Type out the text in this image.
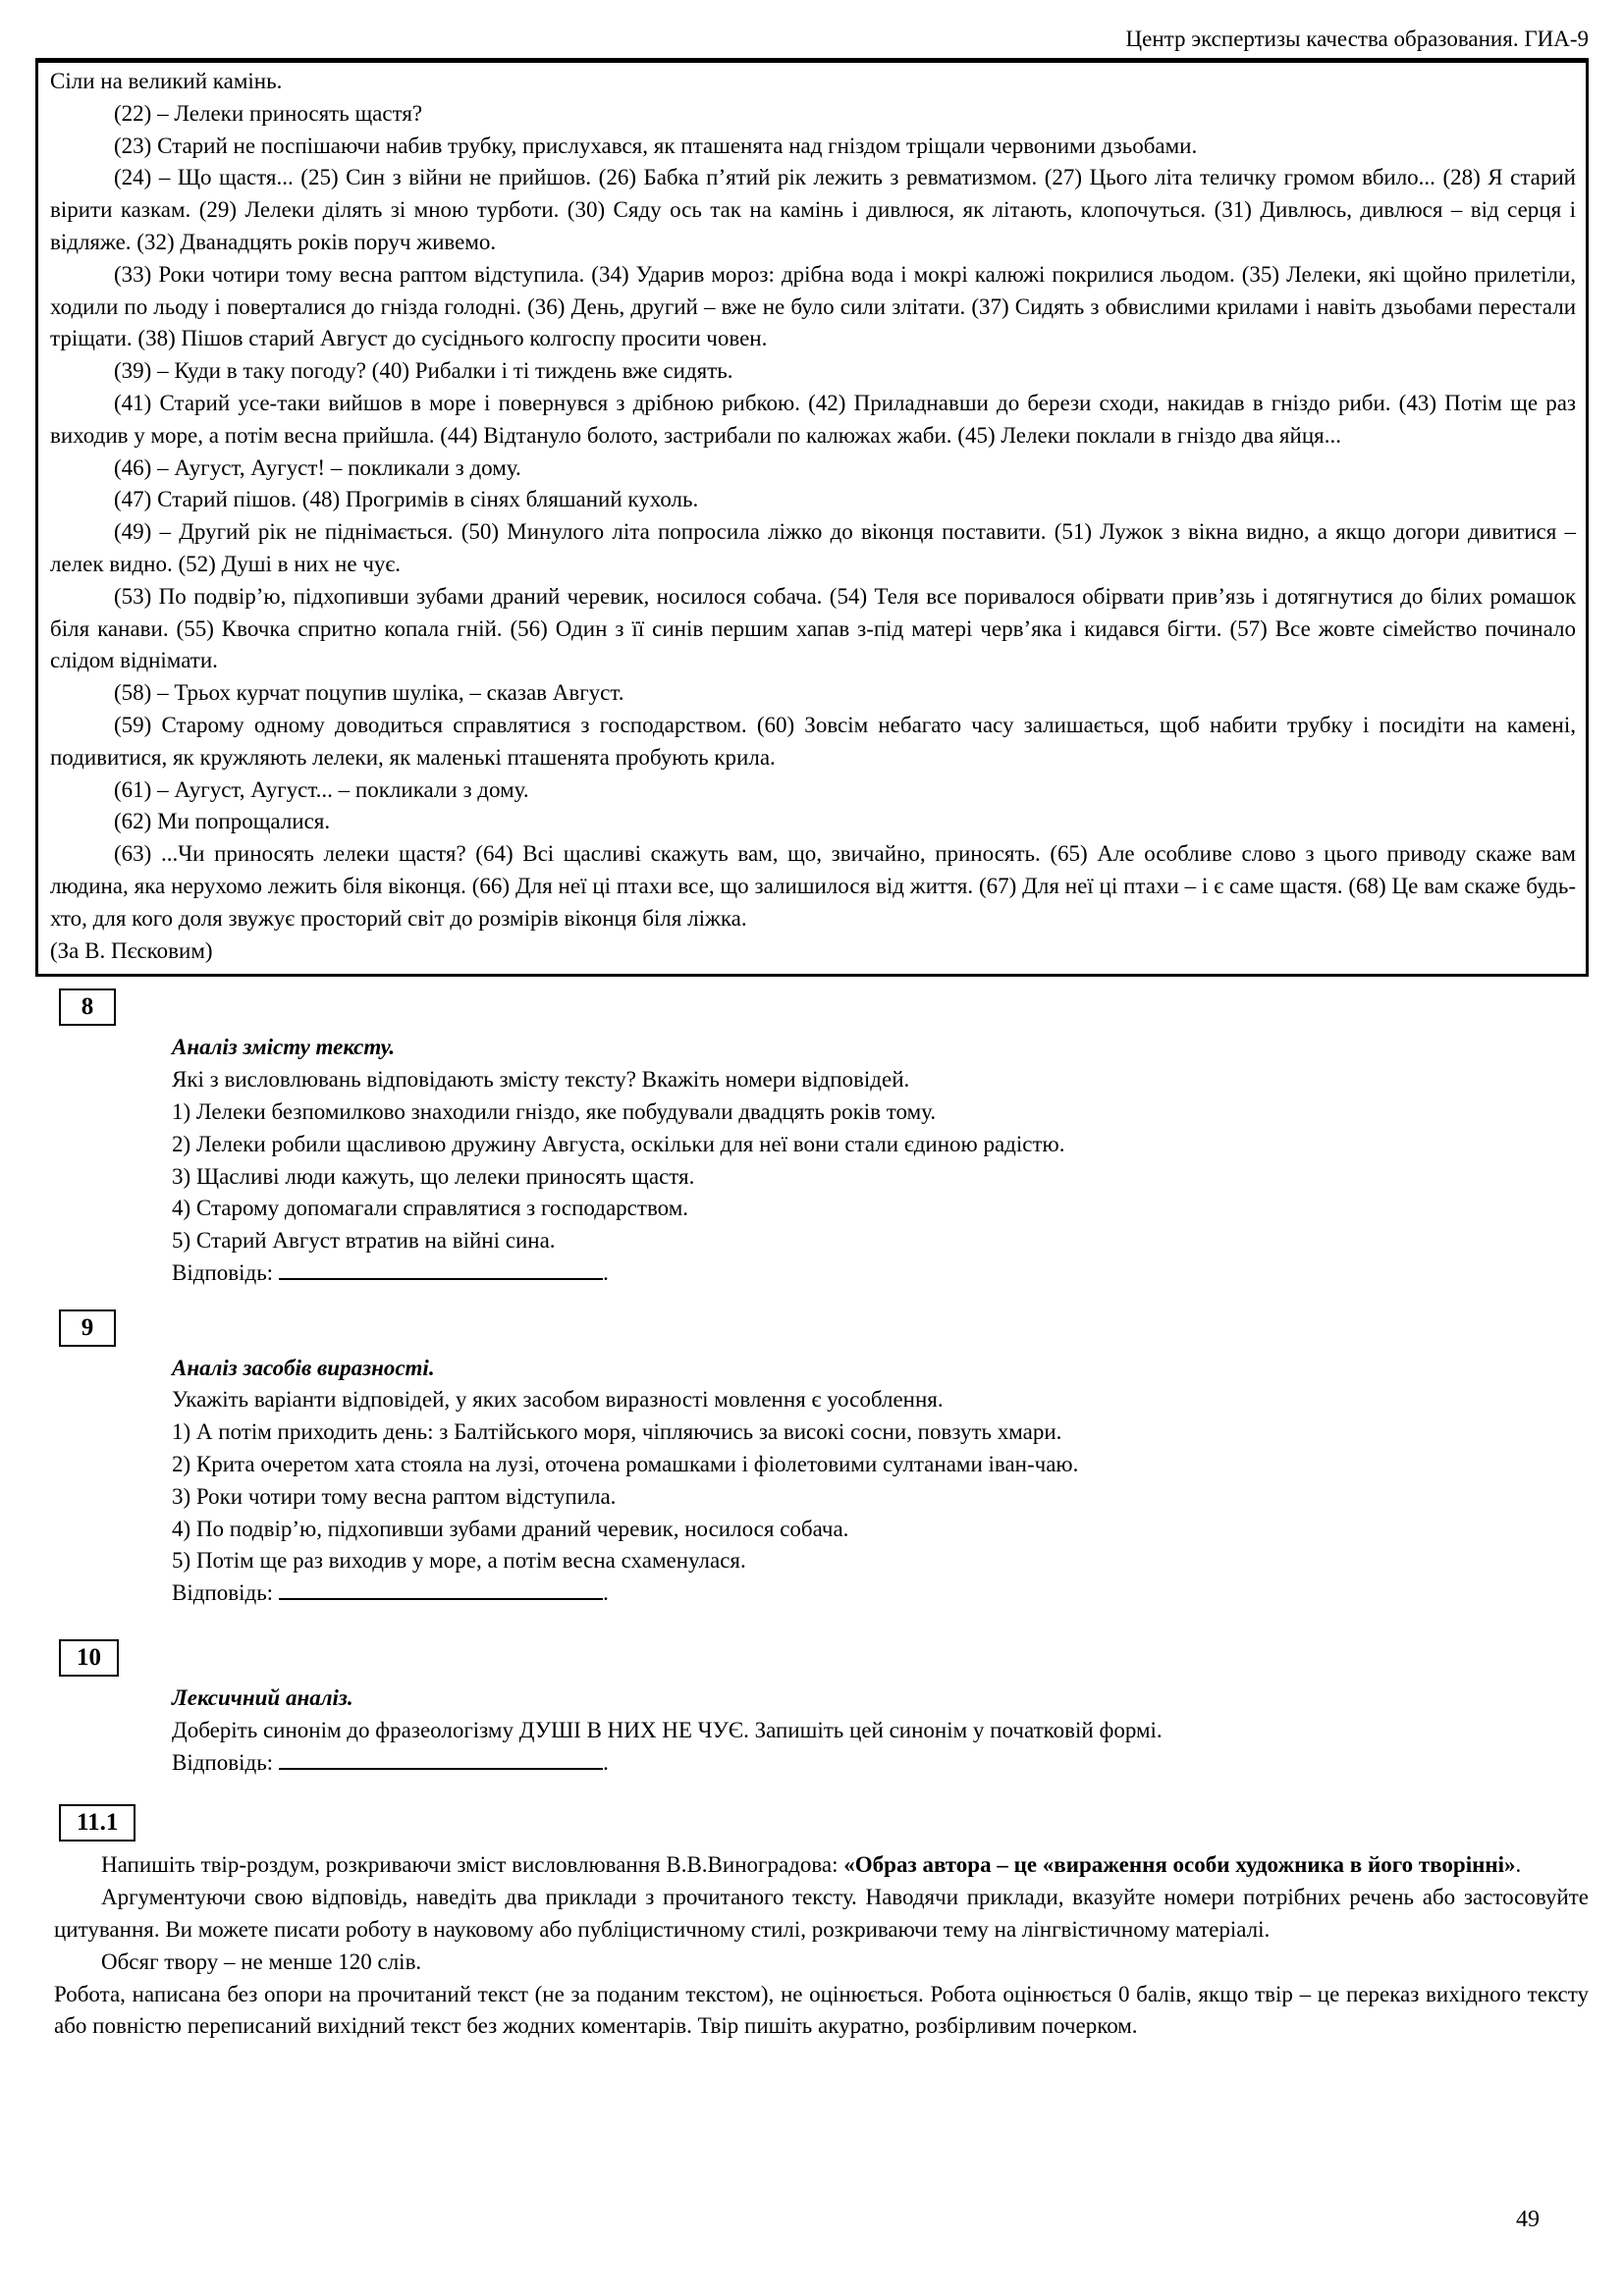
Центр экспертизы качества образования. ГИА-9

Сіли на великий камінь.

(22) – Лелеки приносять щастя?

(23) Старий не поспішаючи набив трубку, прислухався, як пташенята над гніздом тріщали червоними дзьобами.

(24) – Що щастя... (25) Син з війни не прийшов. (26) Бабка п’ятий рік лежить з ревматизмом. (27) Цього літа теличку громом вбило... (28) Я старий вірити казкам. (29) Лелеки ділять зі мною турботи. (30) Сяду ось так на камінь і дивлюся, як літають, клопочуться. (31) Дивлюсь, дивлюся – від серця і відляже. (32) Дванадцять років поруч живемо.

(33) Роки чотири тому весна раптом відступила. (34) Ударив мороз: дрібна вода і мокрі калюжі покрилися льодом. (35) Лелеки, які щойно прилетіли, ходили по льоду і поверталися до гнізда голодні. (36) День, другий – вже не було сили злітати. (37) Сидять з обвислими крилами і навіть дзьобами перестали тріщати. (38) Пішов старий Август до сусіднього колгоспу просити човен.

(39) – Куди в таку погоду? (40) Рибалки і ті тиждень вже сидять.

(41) Старий усе-таки вийшов в море і повернувся з дрібною рибкою. (42) Приладнавши до берези сходи, накидав в гніздо риби. (43) Потім ще раз виходив у море, а потім весна прийшла. (44) Відтануло болото, застрибали по калюжах жаби. (45) Лелеки поклали в гніздо два яйця...

(46) – Аугуст, Аугуст! – покликали з дому.

(47) Старий пішов. (48) Прогримів в сінях бляшаний кухоль.

(49) – Другий рік не піднімається. (50) Минулого літа попросила ліжко до віконця поставити. (51) Лужок з вікна видно, а якщо догори дивитися – лелек видно. (52) Душі в них не чує.

(53) По подвір’ю, підхопивши зубами драний черевик, носилося собача. (54) Теля все поривалося обірвати прив’язь і дотягнутися до білих ромашок біля канави. (55) Квочка спритно копала гній. (56) Один з її синів першим хапав з-під матері черв’яка і кидався бігти. (57) Все жовте сімейство починало слідом віднімати.

(58) – Трьох курчат поцупив шуліка, – сказав Август.

(59) Старому одному доводиться справлятися з господарством. (60) Зовсім небагато часу залишається, щоб набити трубку і посидіти на камені, подивитися, як кружляють лелеки, як маленькі пташенята пробують крила.

(61) – Аугуст, Аугуст... – покликали з дому.

(62) Ми попрощалися.

(63) ...Чи приносять лелеки щастя? (64) Всі щасливі скажуть вам, що, звичайно, приносять. (65) Але особливе слово з цього приводу скаже вам людина, яка нерухомо лежить біля віконця. (66) Для неї ці птахи все, що залишилося від життя. (67) Для неї ці птахи – і є саме щастя. (68) Це вам скаже будь-хто, для кого доля звужує просторий світ до розмірів віконця біля ліжка.

(За В. Пєсковим)

8

Аналіз змісту тексту.

Які з висловлювань відповідають змісту тексту? Вкажіть номери відповідей.

1) Лелеки безпомилково знаходили гніздо, яке побудували двадцять років тому.

2) Лелеки робили щасливою дружину Августа, оскільки для неї вони стали єдиною радістю.

3) Щасливі люди кажуть, що лелеки приносять щастя.

4) Старому допомагали справлятися з господарством.

5) Старий Август втратив на війні сина.

Відповідь:	.

9

Аналіз засобів виразності.

Укажіть варіанти відповідей, у яких засобом виразності мовлення є уособлення.

1) А потім приходить день: з Балтійського моря, чіпляючись за високі сосни, повзуть хмари.

2) Крита очеретом хата стояла на лузі, оточена ромашками і фіолетовими султанами іван-чаю.

3) Роки чотири тому весна раптом відступила.

4) По подвір’ю, підхопивши зубами драний черевик, носилося собача.

5) Потім ще раз виходив у море, а потім весна схаменулася.

Відповідь:	.

10

Лексичний аналіз.

Доберіть синонім до фразеологізму ДУШІ В НИХ НЕ ЧУЄ. Запишіть цей синонім у початковій формі.

Відповідь:	.

11.1

Напишіть твір-роздум, розкриваючи зміст висловлювання В.В.Виноградова: «Образ автора – це «вираження особи художника в його творінні».

Аргументуючи свою відповідь, наведіть два приклади з прочитаного тексту. Наводячи приклади, вказуйте номери потрібних речень або застосовуйте цитування. Ви можете писати роботу в науковому або публіцистичному стилі, розкриваючи тему на лінгвістичному матеріалі.

Обсяг твору – не менше 120 слів.

Робота, написана без опори на прочитаний текст (не за поданим текстом), не оцінюється. Робота оцінюється 0 балів, якщо твір – це переказ вихідного тексту або повністю переписаний вихідний текст без жодних коментарів. Твір пишіть акуратно, розбірливим почерком.

49
